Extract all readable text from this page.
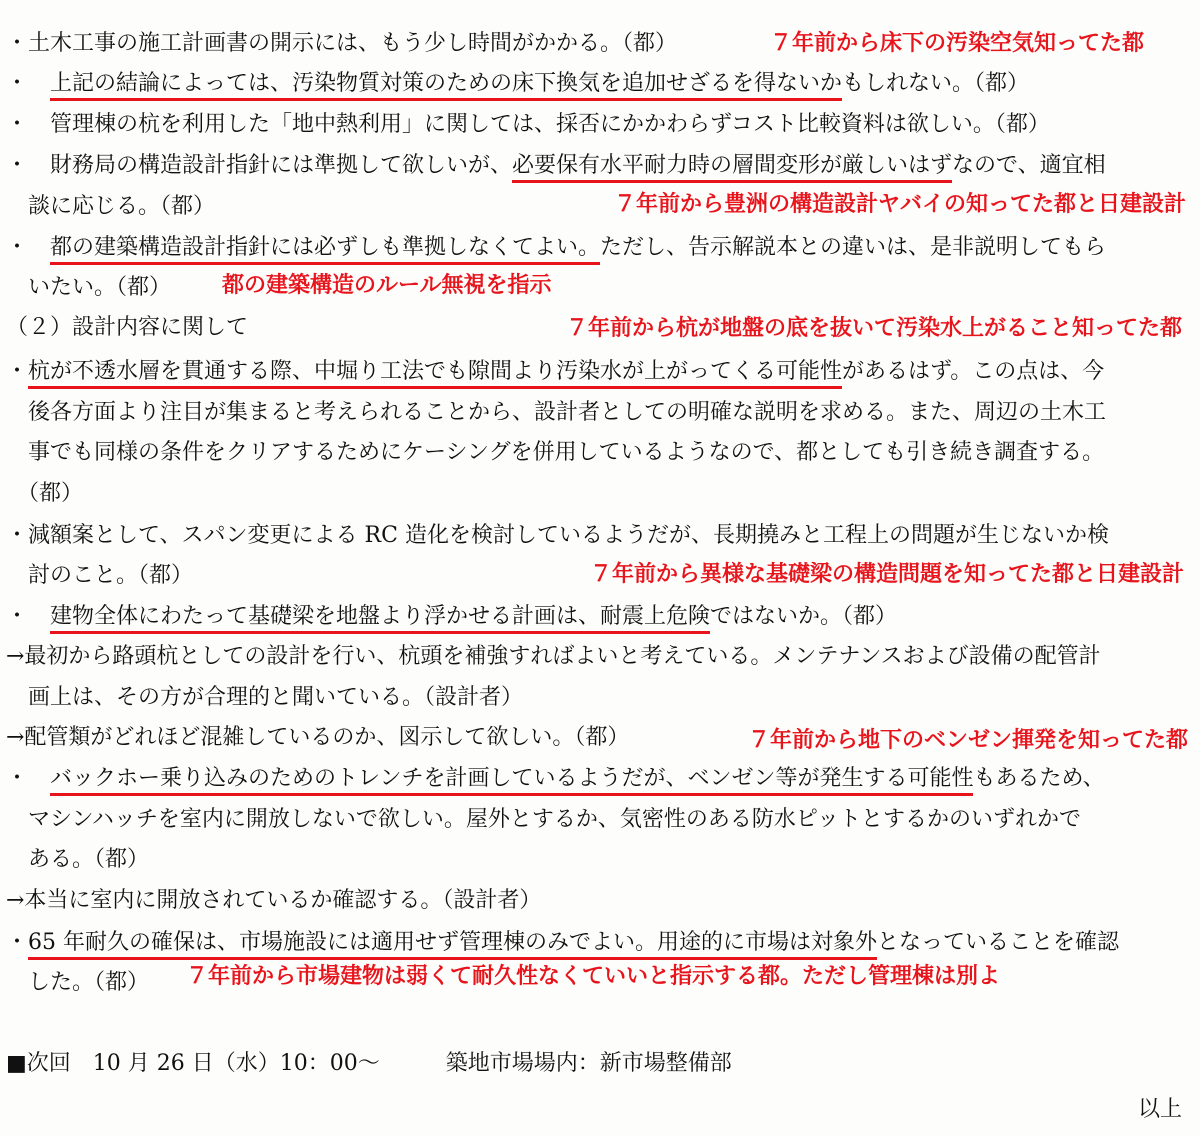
・土木工事の施工計画書の開示には、もう少し時間がかかる。（都）
・　上記の結論によっては、汚染物質対策のための床下換気を追加せざるを得ないかもしれない。（都）
・　管理棟の杭を利用した「地中熱利用」に関しては、採否にかかわらずコスト比較資料は欲しい。（都）
・　財務局の構造設計指針には準拠して欲しいが、必要保有水平耐力時の層間変形が厳しいはずなので、適宜相
　談に応じる。（都）
・　都の建築構造設計指針には必ずしも準拠しなくてよい。ただし、告示解説本との違いは、是非説明してもら
　いたい。（都）
（２）設計内容に関して
・杭が不透水層を貫通する際、中堀り工法でも隙間より汚染水が上がってくる可能性があるはず。この点は、今
　後各方面より注目が集まると考えられることから、設計者としての明確な説明を求める。また、周辺の土木工
　事でも同様の条件をクリアするためにケーシングを併用しているようなので、都としても引き続き調査する。
　（都）
・減額案として、スパン変更による RC 造化を検討しているようだが、長期撓みと工程上の問題が生じないか検
　討のこと。（都）
・　建物全体にわたって基礎梁を地盤より浮かせる計画は、耐震上危険ではないか。（都）
→最初から路頭杭としての設計を行い、杭頭を補強すればよいと考えている。メンテナンスおよび設備の配管計
　画上は、その方が合理的と聞いている。（設計者）
→配管類がどれほど混雑しているのか、図示して欲しい。（都）
・　バックホー乗り込みのためのトレンチを計画しているようだが、ベンゼン等が発生する可能性もあるため、
　マシンハッチを室内に開放しないで欲しい。屋外とするか、気密性のある防水ピットとするかのいずれかで
　ある。（都）
→本当に室内に開放されているか確認する。（設計者）
・65 年耐久の確保は、市場施設には適用せず管理棟のみでよい。用途的に市場は対象外となっていることを確認
　した。（都）
■次回　10 月 26 日（水）10：00～　　　築地市場場内：新市場整備部
以上
７年前から床下の汚染空気知ってた都
７年前から豊洲の構造設計ヤバイの知ってた都と日建設計
都の建築構造のルール無視を指示
７年前から杭が地盤の底を抜いて汚染水上がること知ってた都
７年前から異様な基礎梁の構造問題を知ってた都と日建設計
７年前から地下のベンゼン揮発を知ってた都
７年前から市場建物は弱くて耐久性なくていいと指示する都。ただし管理棟は別よ
